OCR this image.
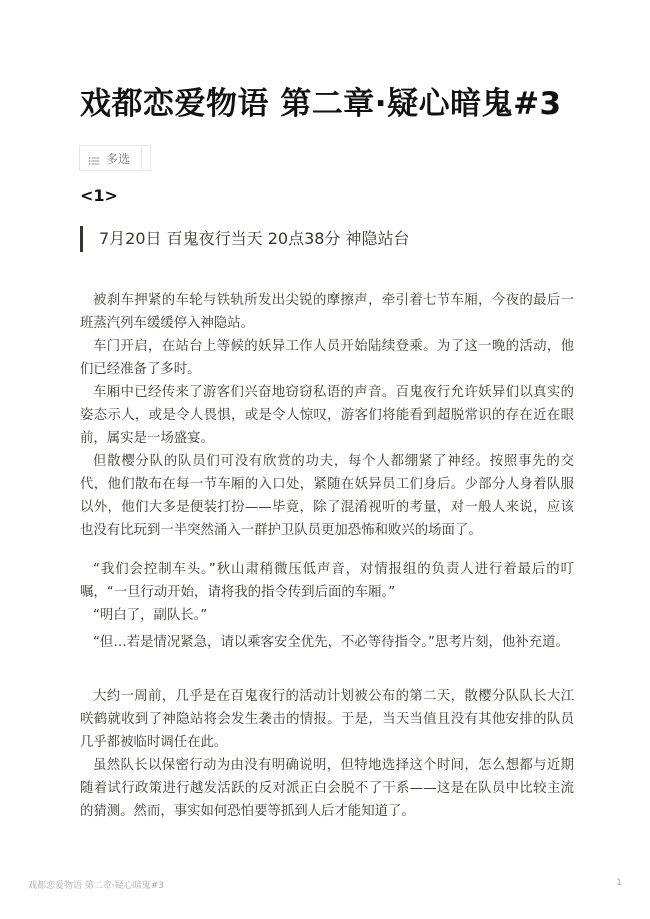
戏都恋爱物语 第二章·疑心暗鬼#3
多选
<1>
7月20日 百鬼夜行当天 20点38分 神隐站台

被刹车押紧的车轮与铁轨所发出尖锐的摩擦声，牵引着七节车厢，今夜的最后一班蒸汽列车缓缓停入神隐站。

车门开启，在站台上等候的妖异工作人员开始陆续登乘。为了这一晚的活动，他们已经准备了多时。

车厢中已经传来了游客们兴奋地窃窃私语的声音。百鬼夜行允许妖异们以真实的姿态示人，或是令人畏惧，或是令人惊叹，游客们将能看到超脱常识的存在近在眼前，属实是一场盛宴。

但散樱分队的队员们可没有欣赏的功夫，每个人都绷紧了神经。按照事先的交代，他们散布在每一节车厢的入口处，紧随在妖异员工们身后。少部分人身着队服以外，他们大多是便装打扮——毕竟，除了混淆视听的考量，对一般人来说，应该也没有比玩到一半突然涌入一群护卫队员更加恐怖和败兴的场面了。

“我们会控制车头。”秋山肃稍微压低声音，对情报组的负责人进行着最后的叮嘱，“一旦行动开始，请将我的指令传到后面的车厢。”

“明白了，副队长。”

“但…若是情况紧急，请以乘客安全优先，不必等待指令。”思考片刻，他补充道。

大约一周前，几乎是在百鬼夜行的活动计划被公布的第二天，散樱分队队长大江咲鹤就收到了神隐站将会发生袭击的情报。于是，当天当值且没有其他安排的队员几乎都被临时调任在此。

虽然队长以保密行动为由没有明确说明，但特地选择这个时间，怎么想都与近期随着试行政策进行越发活跃的反对派正白会脱不了干系——这是在队员中比较主流的猜测。然而，事实如何恐怕要等抓到人后才能知道了。

戏都恋爱物语 第二章·疑心暗鬼#3	1
